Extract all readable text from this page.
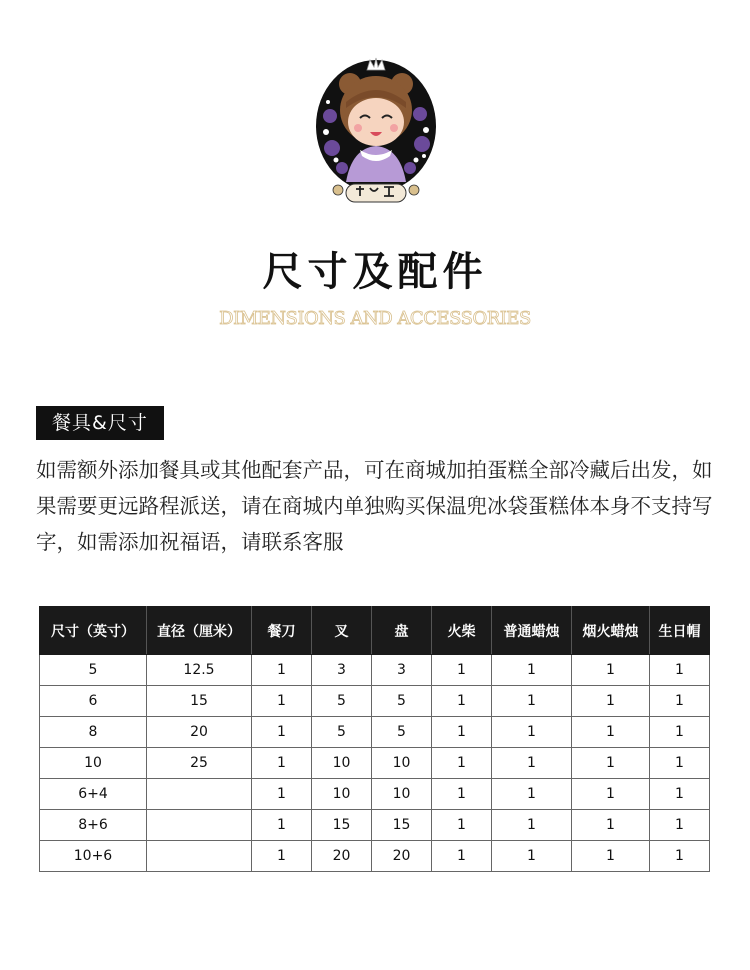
尺寸及配件
DIMENSIONS AND ACCESSORIES
餐具&尺寸
如需额外添加餐具或其他配套产品，可在商城加拍蛋糕全部冷藏后出发，如果需要更远路程派送，请在商城内单独购买保温兜冰袋蛋糕体本身不支持写字，如需添加祝福语，请联系客服
尺寸（英寸）	直径（厘米）	餐刀	叉	盘	火柴	普通蜡烛	烟火蜡烛	生日帽
5	12.5	1	3	3	1	1	1	1
6	15	1	5	5	1	1	1	1
8	20	1	5	5	1	1	1	1
10	25	1	10	10	1	1	1	1
6+4		1	10	10	1	1	1	1
8+6		1	15	15	1	1	1	1
10+6		1	20	20	1	1	1	1
